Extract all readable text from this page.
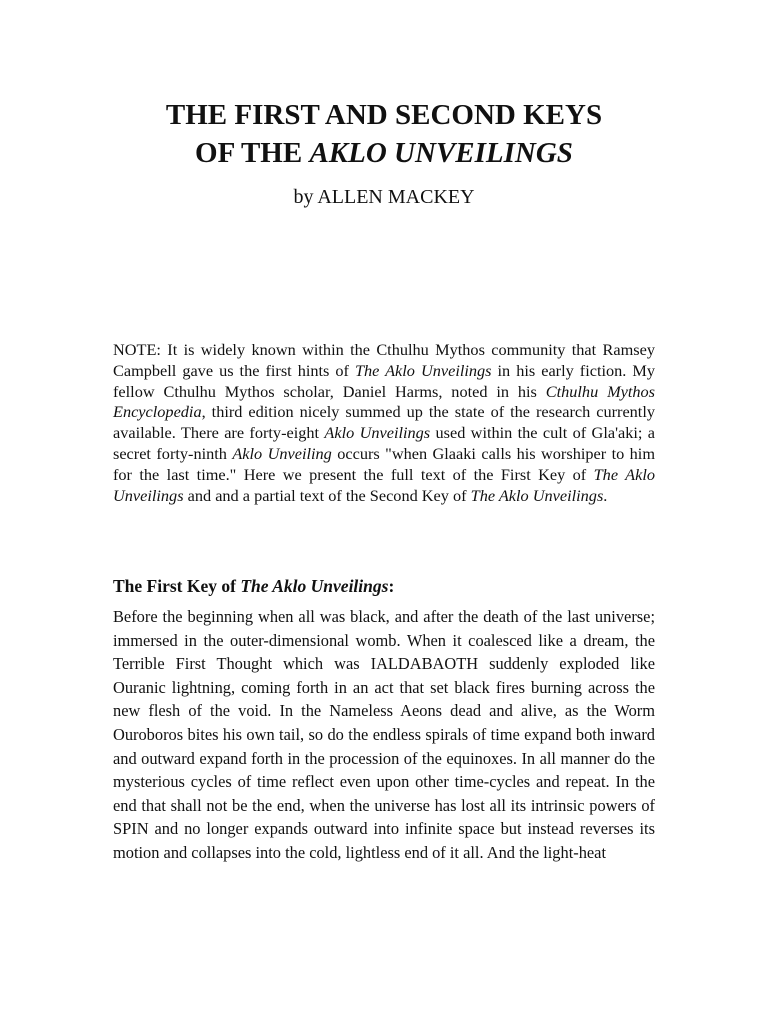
THE FIRST AND SECOND KEYS
OF THE AKLO UNVEILINGS

by ALLEN MACKEY

NOTE: It is widely known within the Cthulhu Mythos community that Ramsey Campbell gave us the first hints of The Aklo Unveilings in his early fiction. My fellow Cthulhu Mythos scholar, Daniel Harms, noted in his Cthulhu Mythos Encyclopedia, third edition nicely summed up the state of the research currently available. There are forty-eight Aklo Unveilings used within the cult of Gla'aki; a secret forty-ninth Aklo Unveiling occurs "when Glaaki calls his worshiper to him for the last time." Here we present the full text of the First Key of The Aklo Unveilings and and a partial text of the Second Key of The Aklo Unveilings.

The First Key of The Aklo Unveilings:

Before the beginning when all was black, and after the death of the last universe; immersed in the outer-dimensional womb. When it coalesced like a dream, the Terrible First Thought which was IALDABAOTH suddenly exploded like Ouranic lightning, coming forth in an act that set black fires burning across the new flesh of the void. In the Nameless Aeons dead and alive, as the Worm Ouroboros bites his own tail, so do the endless spirals of time expand both inward and outward expand forth in the procession of the equinoxes. In all manner do the mysterious cycles of time reflect even upon other time-cycles and repeat. In the end that shall not be the end, when the universe has lost all its intrinsic powers of SPIN and no longer expands outward into infinite space but instead reverses its motion and collapses into the cold, lightless end of it all. And the light-heat
